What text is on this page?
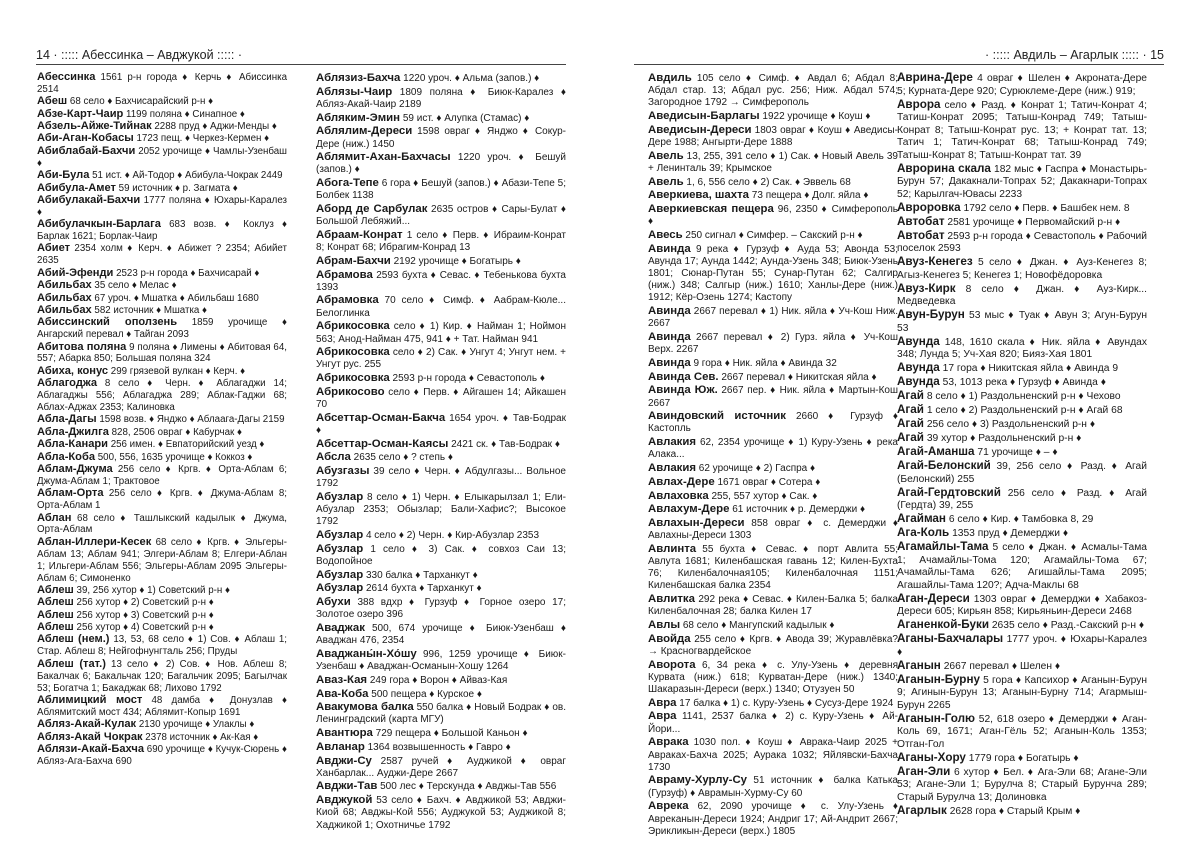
14 · ::::: Абессинка – Авджукой ::::: ·	· ::::: Авдиль – Агарлык ::::: · 15
Абессинка 1561 р-н города ♦ Керчь ♦ Абиссинка 2514
Абеш 68 село ♦ Бахчисарайский р-н ♦
Абзе-Карт-Чаир 1199 поляна ♦ Синапное ♦
Абзель-Айже-Тийнак 2288 пруд ♦ Аджи-Менды ♦
Аби-Аган-Кобасы 1723 пещ. ♦ Черкез-Кермен ♦
Абиблабай-Бахчи 2052 урочище ♦ Чамлы-Узенбаш ♦
Аби-Була 51 ист. ♦ Ай-Тодор ♦ Абибула-Чокрак 2449
Абибула-Амет 59 источник ♦ р. Загмата ♦
Абибулакай-Бахчи 1777 поляна ♦ Юхары-Каралез ♦
Абибулачкын-Барлага 683 возв. ♦ Коклуз ♦ Барлак 1621; Борлак-Чаир
Абиет 2354 холм ♦ Керч. ♦ Абижет ? 2354; Абийет 2635
Абий-Эфенди 2523 р-н города ♦ Бахчисарай ♦
Абильбах 35 село ♦ Мелас ♦
Абильбах 67 уроч. ♦ Мшатка ♦ Абильбаш 1680
Абильбах 582 источник ♦ Мшатка ♦
Абиссинский оползень 1859 урочище ♦ Ангарский перевал ♦ Тайган 2093
Абитова поляна 9 поляна ♦ Лимены ♦ Абитовая 64, 557; Абарка 850; Большая поляна 324
Абиха, конус 299 грязевой вулкан ♦ Керч. ♦
Аблагоджа 8 село ♦ Черн. ♦ Аблагаджи 14; Аблагаджы 556; Аблагаджа 289; Аблак-Гаджи 68; Аблах-Аджах 2353; Калиновка
Абла-Дагы 1598 возв. ♦ Янджо ♦ Аблаага-Дагы 2159
Абла-Джилга 828, 2506 овраг ♦ Кабурчак ♦
Абла-Канари 256 имен. ♦ Евпаторийский уезд ♦
Абла-Коба 500, 556, 1635 урочище ♦ Коккоз ♦
Аблам-Джума 256 село ♦ Кргв. ♦ Орта-Аблам 6; Джума-Аблам 1; Трактовое
Аблам-Орта 256 село ♦ Кргв. ♦ Джума-Аблам 8; Орта-Аблам 1
Аблан 68 село ♦ Ташлыкский кадылык ♦ Джума, Орта-Аблам
Аблан-Иллери-Кесек 68 село ♦ Кргв. ♦ Эльгеры-Аблам 13; Аблам 941; Элгери-Аблам 8; Елгери-Аблан 1; Ильгери-Аблам 556; Эльгеры-Аблам 2095 Эльгеры-Аблам 6; Симоненко
Аблеш 39, 256 хутор ♦ 1) Советский р-н ♦
Аблеш 256 хутор ♦ 2) Советский р-н ♦
Аблеш 256 хутор ♦ 3) Советский р-н ♦
Аблеш 256 хутор ♦ 4) Советский р-н ♦
Аблеш (нем.) 13, 53, 68 село ♦ 1) Сов. ♦ Аблаш 1; Стар. Аблеш 8; Нейгофнунгталь 256; Пруды
Аблеш (тат.) 13 село ♦ 2) Сов. ♦ Нов. Аблеш 8; Бакалчак 6; Бакальчак 120; Багальчик 2095; Багылчак 53; Богатча 1; Бакаджак 68; Лихово 1792
Аблимицкий мост 48 дамба ♦ Донузлав ♦ Аблямитский мост 434; Аблямит-Копыр 1691
Абляз-Акай-Кулак 2130 урочище ♦ Улаклы ♦
Абляз-Акай Чокрак 2378 источник ♦ Ак-Кая ♦
Аблязи-Акай-Бахча 690 урочище ♦ Кучук-Сюрень ♦ Абляз-Ага-Бахча 690
Аблязиз-Бахча 1220 уроч. ♦ Альма (запов.) ♦
Аблязы-Чаир 1809 поляна ♦ Биюк-Каралез ♦ Абляз-Акай-Чаир 2189
Абляким-Эмин 59 ист. ♦ Алупка (Стамас) ♦
Аблялим-Дереси 1598 овраг ♦ Янджо ♦ Сокур-Дере (ниж.) 1450
Аблямит-Ахан-Бахчасы 1220 уроч. ♦ Бешуй (запов.) ♦
Абога-Тепе 6 гора ♦ Бешуй (запов.) ♦ Абази-Тепе 5; Болбек 1138
Аборд де Сарбулак 2635 остров ♦ Сары-Булат ♦ Большой Лебяжий...
Абраам-Конрат 1 село ♦ Перв. ♦ Ибраим-Конрат 8; Конрат 68; Ибрагим-Конрад 13
Абрам-Бахчи 2192 урочище ♦ Богатырь ♦
Абрамова 2593 бухта ♦ Севас. ♦ Тебенькова бухта 1393
Абрамовка 70 село ♦ Симф. ♦ Аабрам-Кюле... Белоглинка
Абрикосовка село ♦ 1) Кир. ♦ Найман 1; Ноймон 563; Анод-Найман 475, 941 ♦ + Тат. Найман 941
Абрикосовка село ♦ 2) Сак. ♦ Унгут 4; Унгут нем. + Унгут рус. 255
Абрикосовка 2593 р-н города ♦ Севастополь ♦
Абрикосово село ♦ Перв. ♦ Айгашен 14; Айкашен 70
Абсеттар-Осман-Бакча 1654 уроч. ♦ Тав-Бодрак ♦
Абсеттар-Осман-Каясы 2421 ск. ♦ Тав-Бодрак ♦
Абсла 2635 село ♦ ? степь ♦
Абузгазы 39 село ♦ Черн. ♦ Абдулгазы... Вольное 1792
Абузлар 8 село ♦ 1) Черн. ♦ Елыкарылзал 1; Ели-Абузлар 2353; Обызлар; Бали-Хафис?; Высокое 1792
Абузлар 4 село ♦ 2) Черн. ♦ Кир-Абузлар 2353
Абузлар 1 село ♦ 3) Сак. ♦ совхоз Саи 13; Водопойное
Абузлар 330 балка ♦ Тарханкут ♦
Абузлар 2614 бухта ♦ Тарханкут ♦
Абухи 388 вдхр ♦ Гурзуф ♦ Горное озеро 17; Золотое озеро 396
Аваджак 500, 674 урочище ♦ Биюк-Узенбаш ♦ Аваджан 476, 2354
Аваджаны́н-Хо́шу 996, 1259 урочище ♦ Биюк-Узенбаш ♦ Аваджан-Османын-Хошу 1264
Аваз-Кая 249 гора ♦ Ворон ♦ Айваз-Кая
Ава-Коба 500 пещера ♦ Курское ♦
Авакумова балка 550 балка ♦ Новый Бодрак ♦ ов. Ленинградский (карта МГУ)
Авантюра 729 пещера ♦ Большой Каньон ♦
Авланар 1364 возвышенность ♦ Гавро ♦
Авджи-Су 2587 ручей ♦ Ауджикой ♦ овраг Ханбарлак... Ауджи-Дере 2667
Авджи-Тав 500 лес ♦ Терскунда ♦ Авджы-Тав 556
Авджукой 53 село ♦ Бахч. ♦ Авджикой 53; Авджи-Киой 68; Авджы-Кой 556; Ауджукой 53; Ауджикой 8; Хаджикой 1; Охотничье 1792
Авдиль 105 село ♦ Симф. ♦ Авдал 6; Абдал 8; Абдал стар. 13; Абдал рус. 256; Ниж. Абдал 574; Загородное 1792 → Симферополь
Аведисын-Барлагы 1922 урочище ♦ Коуш ♦
Аведисын-Дереси 1803 овраг ♦ Коуш ♦ Аведисы-Дере 1988; Ангырти-Дере 1888
Авель 13, 255, 391 село ♦ 1) Сак. ♦ Новый Авель 39 + Ленинталь 39; Крымское
Авель 1, 6, 556 село ♦ 2) Сак. ♦ Эввель 68
Аверкиева, шахта 73 пещера ♦ Долг. яйла ♦
Аверкиевская пещера 96, 2350 ♦ Симферополь ♦
Авесь 250 сигнал ♦ Симфер. – Сакский р-н ♦
Авинда 9 река ♦ Гурзуф ♦ Ауда 53; Авонда 53; Авунда 17; Аунда 1442; Аунда-Узень 348; Биюк-Узень 1801; Сюнар-Путан 55; Сунар-Путан 62; Салгир (ниж.) 348; Салгыр (ниж.) 1610; Ханлы-Дере (ниж.) 1912; Кёр-Озень 1274; Кастопу
Авинда 2667 перевал ♦ 1) Ник. яйла ♦ Уч-Кош Ниж. 2667
Авинда 2667 перевал ♦ 2) Гурз. яйла ♦ Уч-Кош Верх. 2267
Авинда 9 гора ♦ Ник. яйла ♦ Авинда 32
Авинда Сев. 2667 перевал ♦ Никитская яйла ♦
Авинда Юж. 2667 пер. ♦ Ник. яйла ♦ Мартын-Кош 2667
Авиндовский источник 2660 ♦ Гурзуф ♦ Кастопль
Авлакия 62, 2354 урочище ♦ 1) Куру-Узень ♦ река Алака...
Авлакия 62 урочище ♦ 2) Гаспра ♦
Авлах-Дере 1671 овраг ♦ Сотера ♦
Авлаховка 255, 557 хутор ♦ Сак. ♦
Авлахум-Дере 61 источник ♦ р. Демерджи ♦
Авлахын-Дереси 858 овраг ♦ с. Демерджи ♦ Авлахны-Дереси 1303
Авлинта 55 бухта ♦ Севас. ♦ порт Авлита 55; Авлута 1681; Киленбашская гавань 12; Килен-Бухта 76; Киленбалочная105; Киленбалочная 1151; Киленбашская балка 2354
Авлитка 292 река ♦ Севас. ♦ Килен-Балка 5; балка Киленбалочная 28; балка Килен 17
Авлы 68 село ♦ Мангупский кадылык ♦
Авойда 255 село ♦ Кргв. ♦ Авода 39; Журавлёвка? → Красногвардейское
Аворота 6, 34 река ♦ с. Улу-Узень ♦ деревня Курвата (ниж.) 618; Курватан-Дере (ниж.) 1340; Шакаразын-Дереси (верх.) 1340; Отузуен 50
Авра 17 балка ♦ 1) с. Куру-Узень ♦ Сусуз-Дере 1924
Авра 1141, 2537 балка ♦ 2) с. Куру-Узень ♦ Ай-Йори...
Аврака 1030 пол. ♦ Коуш ♦ Аврака-Чаир 2025 + Авраках-Бахча 2025; Аурака 1032; Яйлявски-Бахча 1730
Авраму-Хурлу-Су 51 источник ♦ балка Катька (Гурзуф) ♦ Аврамын-Хурму-Су 60
Аврека 62, 2090 урочище ♦ с. Улу-Узень ♦ Авреканын-Дереси 1924; Андриг 17; Ай-Андрит 2667; Эрикликын-Дереси (верх.) 1805
Аврина-Дере 4 овраг ♦ Шелен ♦ Акроната-Дере 5; Курната-Дере 920; Сурюклеме-Дере (ниж.) 919;
Аврора село ♦ Разд. ♦ Конрат 1; Татич-Конрат 4; Татиш-Конрат 2095; Татыш-Конрад 749; Татыш-Конрат 8; Татыш-Конрат рус. 13; + Конрат тат. 13; Татич 1; Татич-Конрат 68; Татыш-Конрад 749; Татыш-Конрат 8; Татыш-Конрат тат. 39
Аврорина скала 182 мыс ♦ Гаспра ♦ Монастырь-Бурун 57; Дакакнали-Топрах 52; Дакакнари-Топрах 52; Карылгач-Ювасы 2233
Авроровка 1792 село ♦ Перв. ♦ Башбек нем. 8
Автобат 2581 урочище ♦ Первомайский р-н ♦
Автобат 2593 р-н города ♦ Севастополь ♦ Рабочий поселок 2593
Авуз-Кенегез 5 село ♦ Джан. ♦ Ауз-Кенегез 8; Агыз-Кенегез 5; Кенегез 1; Новофёдоровка
Авуз-Кирк 8 село ♦ Джан. ♦ Ауз-Кирк... Медведевка
Авун-Бурун 53 мыс ♦ Туак ♦ Авун 3; Агун-Бурун 53
Авунда 148, 1610 скала ♦ Ник. яйла ♦ Авундах 348; Лунда 5; Уч-Хая 820; Бияз-Хая 1801
Авунда 17 гора ♦ Никитская яйла ♦ Авинда 9
Авунда 53, 1013 река ♦ Гурзуф ♦ Авинда ♦
Агай 8 село ♦ 1) Раздольненский р-н ♦ Чехово
Агай 1 село ♦ 2) Раздольненский р-н ♦ Агай 68
Агай 256 село ♦ 3) Раздольненский р-н ♦
Агай 39 хутор ♦ Раздольненский р-н ♦
Агай-Аманша 71 урочище ♦ – ♦
Агай-Белонский 39, 256 село ♦ Разд. ♦ Агай (Белонский) 255
Агай-Гердтовский 256 село ♦ Разд. ♦ Агай (Гердта) 39, 255
Агайман 6 село ♦ Кир. ♦ Тамбовка 8, 29
Ага-Коль 1353 пруд ♦ Демерджи ♦
Агамайлы-Тама 5 село ♦ Джан. ♦ Асмалы-Тама 1; Ачамайлы-Тома 120; Агамайлы-Тома 67; Ачамайлы-Тама 626; Агишайлы-Тама 2095; Агашайлы-Тама 120?; Адча-Маклы 68
Аган-Дереси 1303 овраг ♦ Демерджи ♦ Хабакоз-Дереси 605; Кирьян 858; Кирьяньин-Дереси 2468
Аганенкой-Буки 2635 село ♦ Разд.-Сакский р-н ♦
Аганы-Бахчалары 1777 уроч. ♦ Юхары-Каралез ♦
Аганын 2667 перевал ♦ Шелен ♦
Аганын-Бурну 5 гора ♦ Капсихор ♦ Аганын-Бурун 9; Агинын-Бурун 13; Аганын-Бурну 714; Агармыш-Бурун 2265
Аганын-Голю 52, 618 озеро ♦ Демерджи ♦ Аган-Коль 69, 1671; Аган-Гёль 52; Аганын-Коль 1353; Отган-Гол
Аганы-Хору 1779 гора ♦ Богатырь ♦
Аган-Эли 6 хутор ♦ Бел. ♦ Ага-Эли 68; Агане-Эли 53; Агане-Эли 1; Бурулча 8; Старый Бурунча 289; Старый Бурулча 13; Долиновка
Агарлык 2628 гора ♦ Старый Крым ♦
